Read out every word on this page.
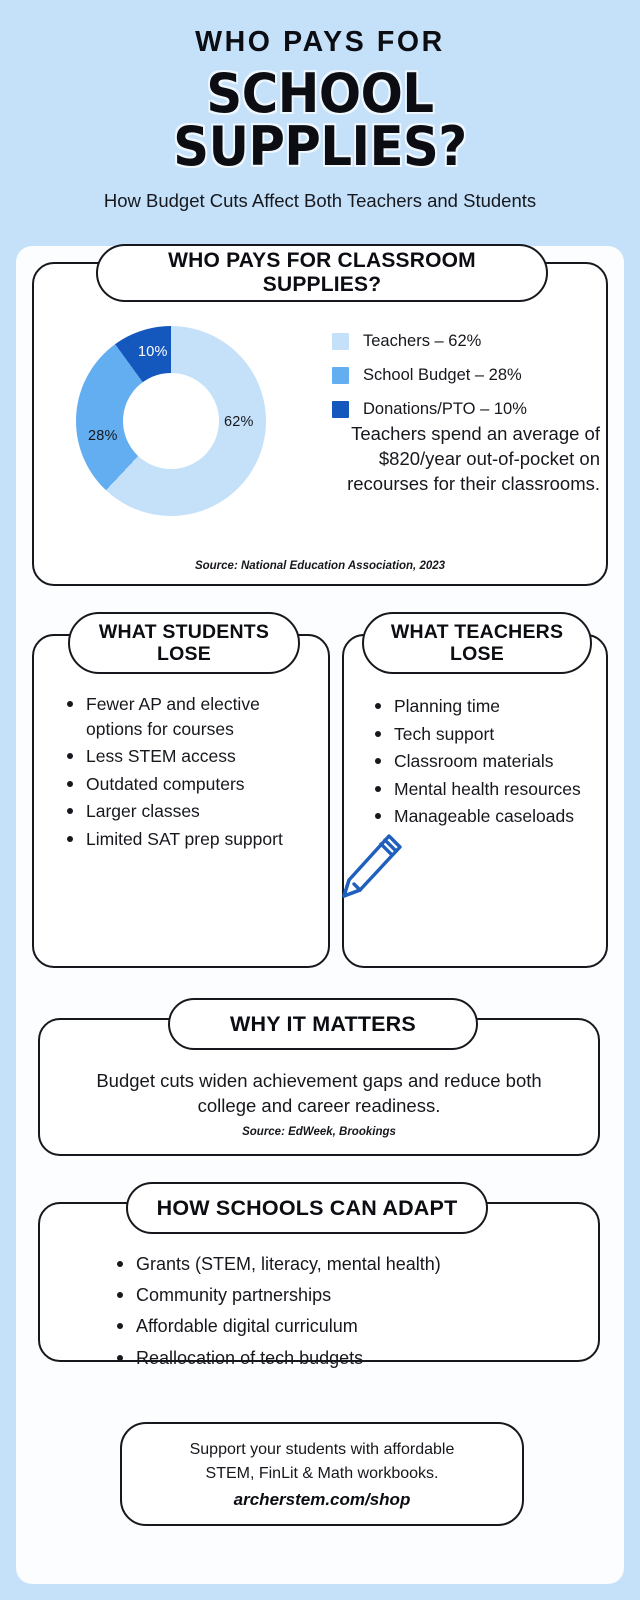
WHO PAYS FOR
SCHOOL SUPPLIES?
How Budget Cuts Affect Both Teachers and Students
WHO PAYS FOR CLASSROOM SUPPLIES?
62%
28%
10%
Teachers – 62%
School Budget – 28%
Donations/PTO – 10%
Teachers spend an average of $820/year out-of-pocket on recourses for their classrooms.
Source: National Education Association, 2023
WHAT STUDENTS LOSE
Fewer AP and elective options for courses
Less STEM access
Outdated computers
Larger classes
Limited SAT prep support
WHAT TEACHERS LOSE
Planning time
Tech support
Classroom materials
Mental health resources
Manageable caseloads
WHY IT MATTERS
Budget cuts widen achievement gaps and reduce both college and career readiness.
Source: EdWeek, Brookings
HOW SCHOOLS CAN ADAPT
Grants (STEM, literacy, mental health)
Community partnerships
Affordable digital curriculum
Reallocation of tech budgets
Support your students with affordable
STEM, FinLit & Math workbooks.
archerstem.com/shop
